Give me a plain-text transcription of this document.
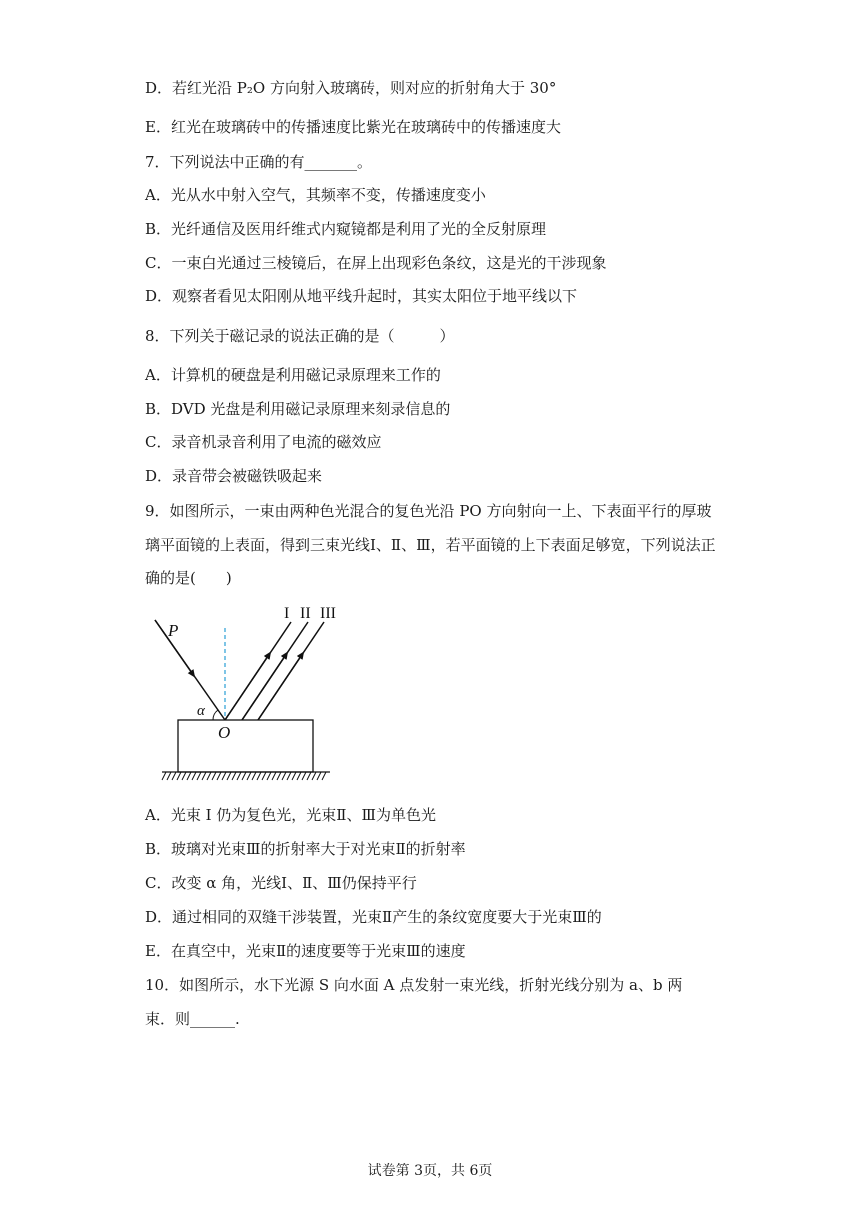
D．若红光沿 P₂O 方向射入玻璃砖，则对应的折射角大于 30°
E．红光在玻璃砖中的传播速度比紫光在玻璃砖中的传播速度大
7．下列说法中正确的有_______。
A．光从水中射入空气，其频率不变，传播速度变小
B．光纤通信及医用纤维式内窥镜都是利用了光的全反射原理
C．一束白光通过三棱镜后，在屏上出现彩色条纹，这是光的干涉现象
D．观察者看见太阳刚从地平线升起时，其实太阳位于地平线以下
8．下列关于磁记录的说法正确的是（　　　）
A．计算机的硬盘是利用磁记录原理来工作的
B．DVD 光盘是利用磁记录原理来刻录信息的
C．录音机录音利用了电流的磁效应
D．录音带会被磁铁吸起来
9．如图所示，一束由两种色光混合的复色光沿 PO 方向射向一上、下表面平行的厚玻
璃平面镜的上表面，得到三束光线Ⅰ、Ⅱ、Ⅲ，若平面镜的上下表面足够宽，下列说法正
确的是(　　)
A．光束 I 仍为复色光，光束Ⅱ、Ⅲ为单色光
B．玻璃对光束Ⅲ的折射率大于对光束Ⅱ的折射率
C．改变 α 角，光线Ⅰ、Ⅱ、Ⅲ仍保持平行
D．通过相同的双缝干涉装置，光束Ⅱ产生的条纹宽度要大于光束Ⅲ的
E．在真空中，光束Ⅱ的速度要等于光束Ⅲ的速度
10．如图所示，水下光源 S 向水面 A 点发射一束光线，折射光线分别为 a、b 两
束．则______.
P
O
α
I II III
试卷第 3页，共 6页
